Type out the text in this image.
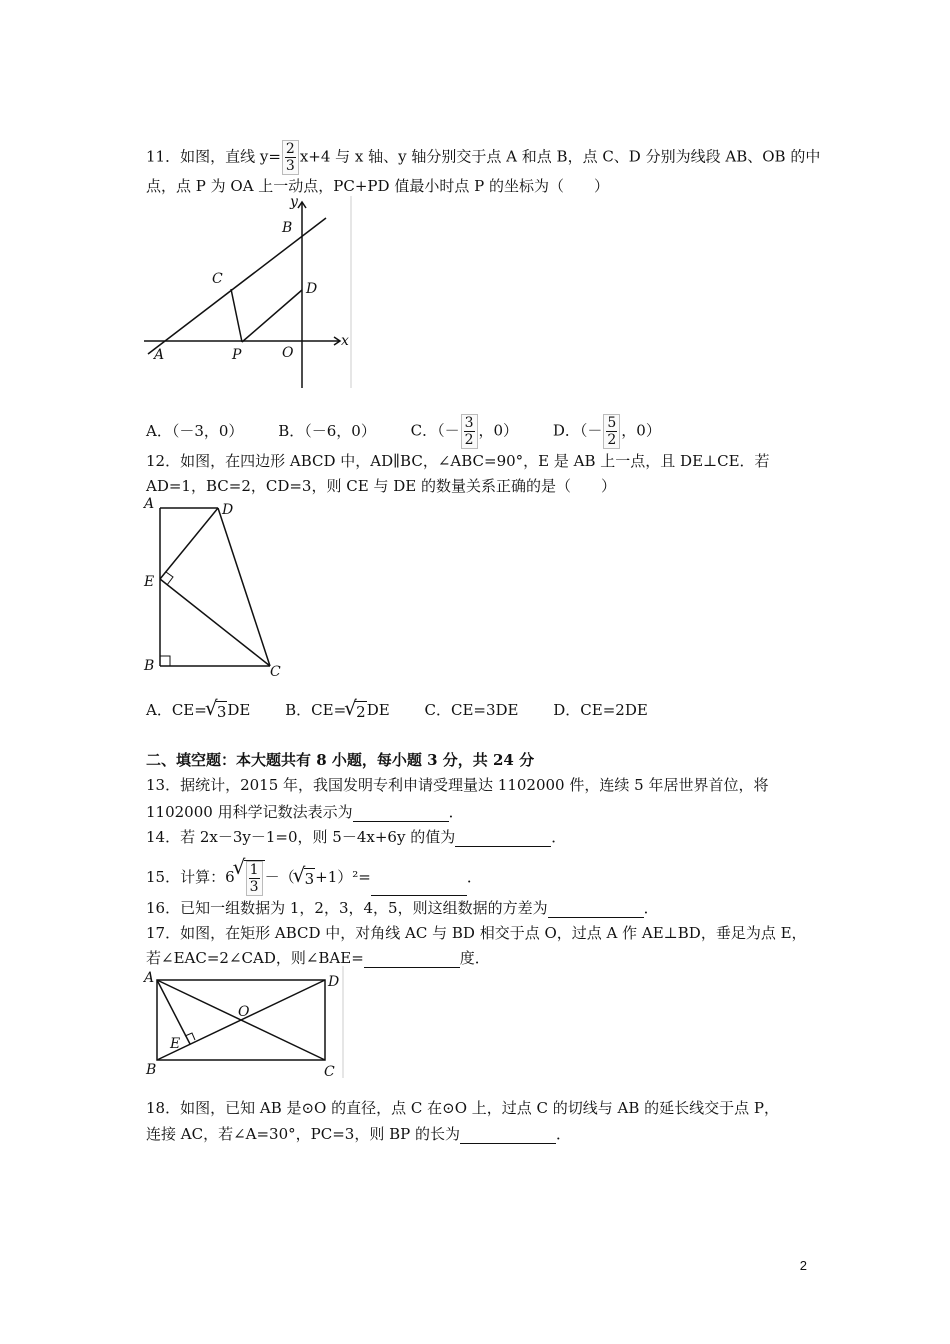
11．如图，直线 $y= \frac{2}{3} x+4$ 与 x 轴、y 轴分别交于点 A 和点 B，点 C、D 分别为线段 AB、OB 的中
点，点 P 为 OA 上一动点，PC+PD 值最小时点 P 的坐标为（　　）
y
B
C
D
A	P	O
x
A．（－3，0） B．（－6，0） C．（－ $\frac{3}{2}$ ，0） D．（－ $\frac{5}{2}$ ，0）
12．如图，在四边形 ABCD 中，AD∥BC，∠ABC=90°，E 是 AB 上一点，且 DE⊥CE．若
AD=1，BC=2，CD=3，则 CE 与 DE 的数量关系正确的是（　　）
A	D
E
B	C
A．CE= √ 3DE B．CE= √ 2DE C．CE=3DE D．CE=2DE
二、填空题：本大题共有 8 小题，每小题 3 分，共 24 分
13．据统计，2015 年，我国发明专利申请受理量达 1102000 件，连续 5 年居世界首位，将
1102000 用科学记数法表示为	．
14．若 2x－3y－1=0，则 5－4x+6y 的值为	．
15．计算：6 √ $\frac{1}{3}$ －（ √ 3+1）²=	．
16．已知一组数据为 1，2，3，4，5，则这组数据的方差为	．
17．如图，在矩形 ABCD 中，对角线 AC 与 BD 相交于点 O，过点 A 作 AE⊥BD，垂足为点 E，
若∠EAC=2∠CAD，则∠BAE=	度．
A	D
O
E
B	C
18．如图，已知 AB 是⊙O 的直径，点 C 在⊙O 上，过点 C 的切线与 AB 的延长线交于点 P，
连接 AC，若∠A=30°，PC=3，则 BP 的长为	．
2
